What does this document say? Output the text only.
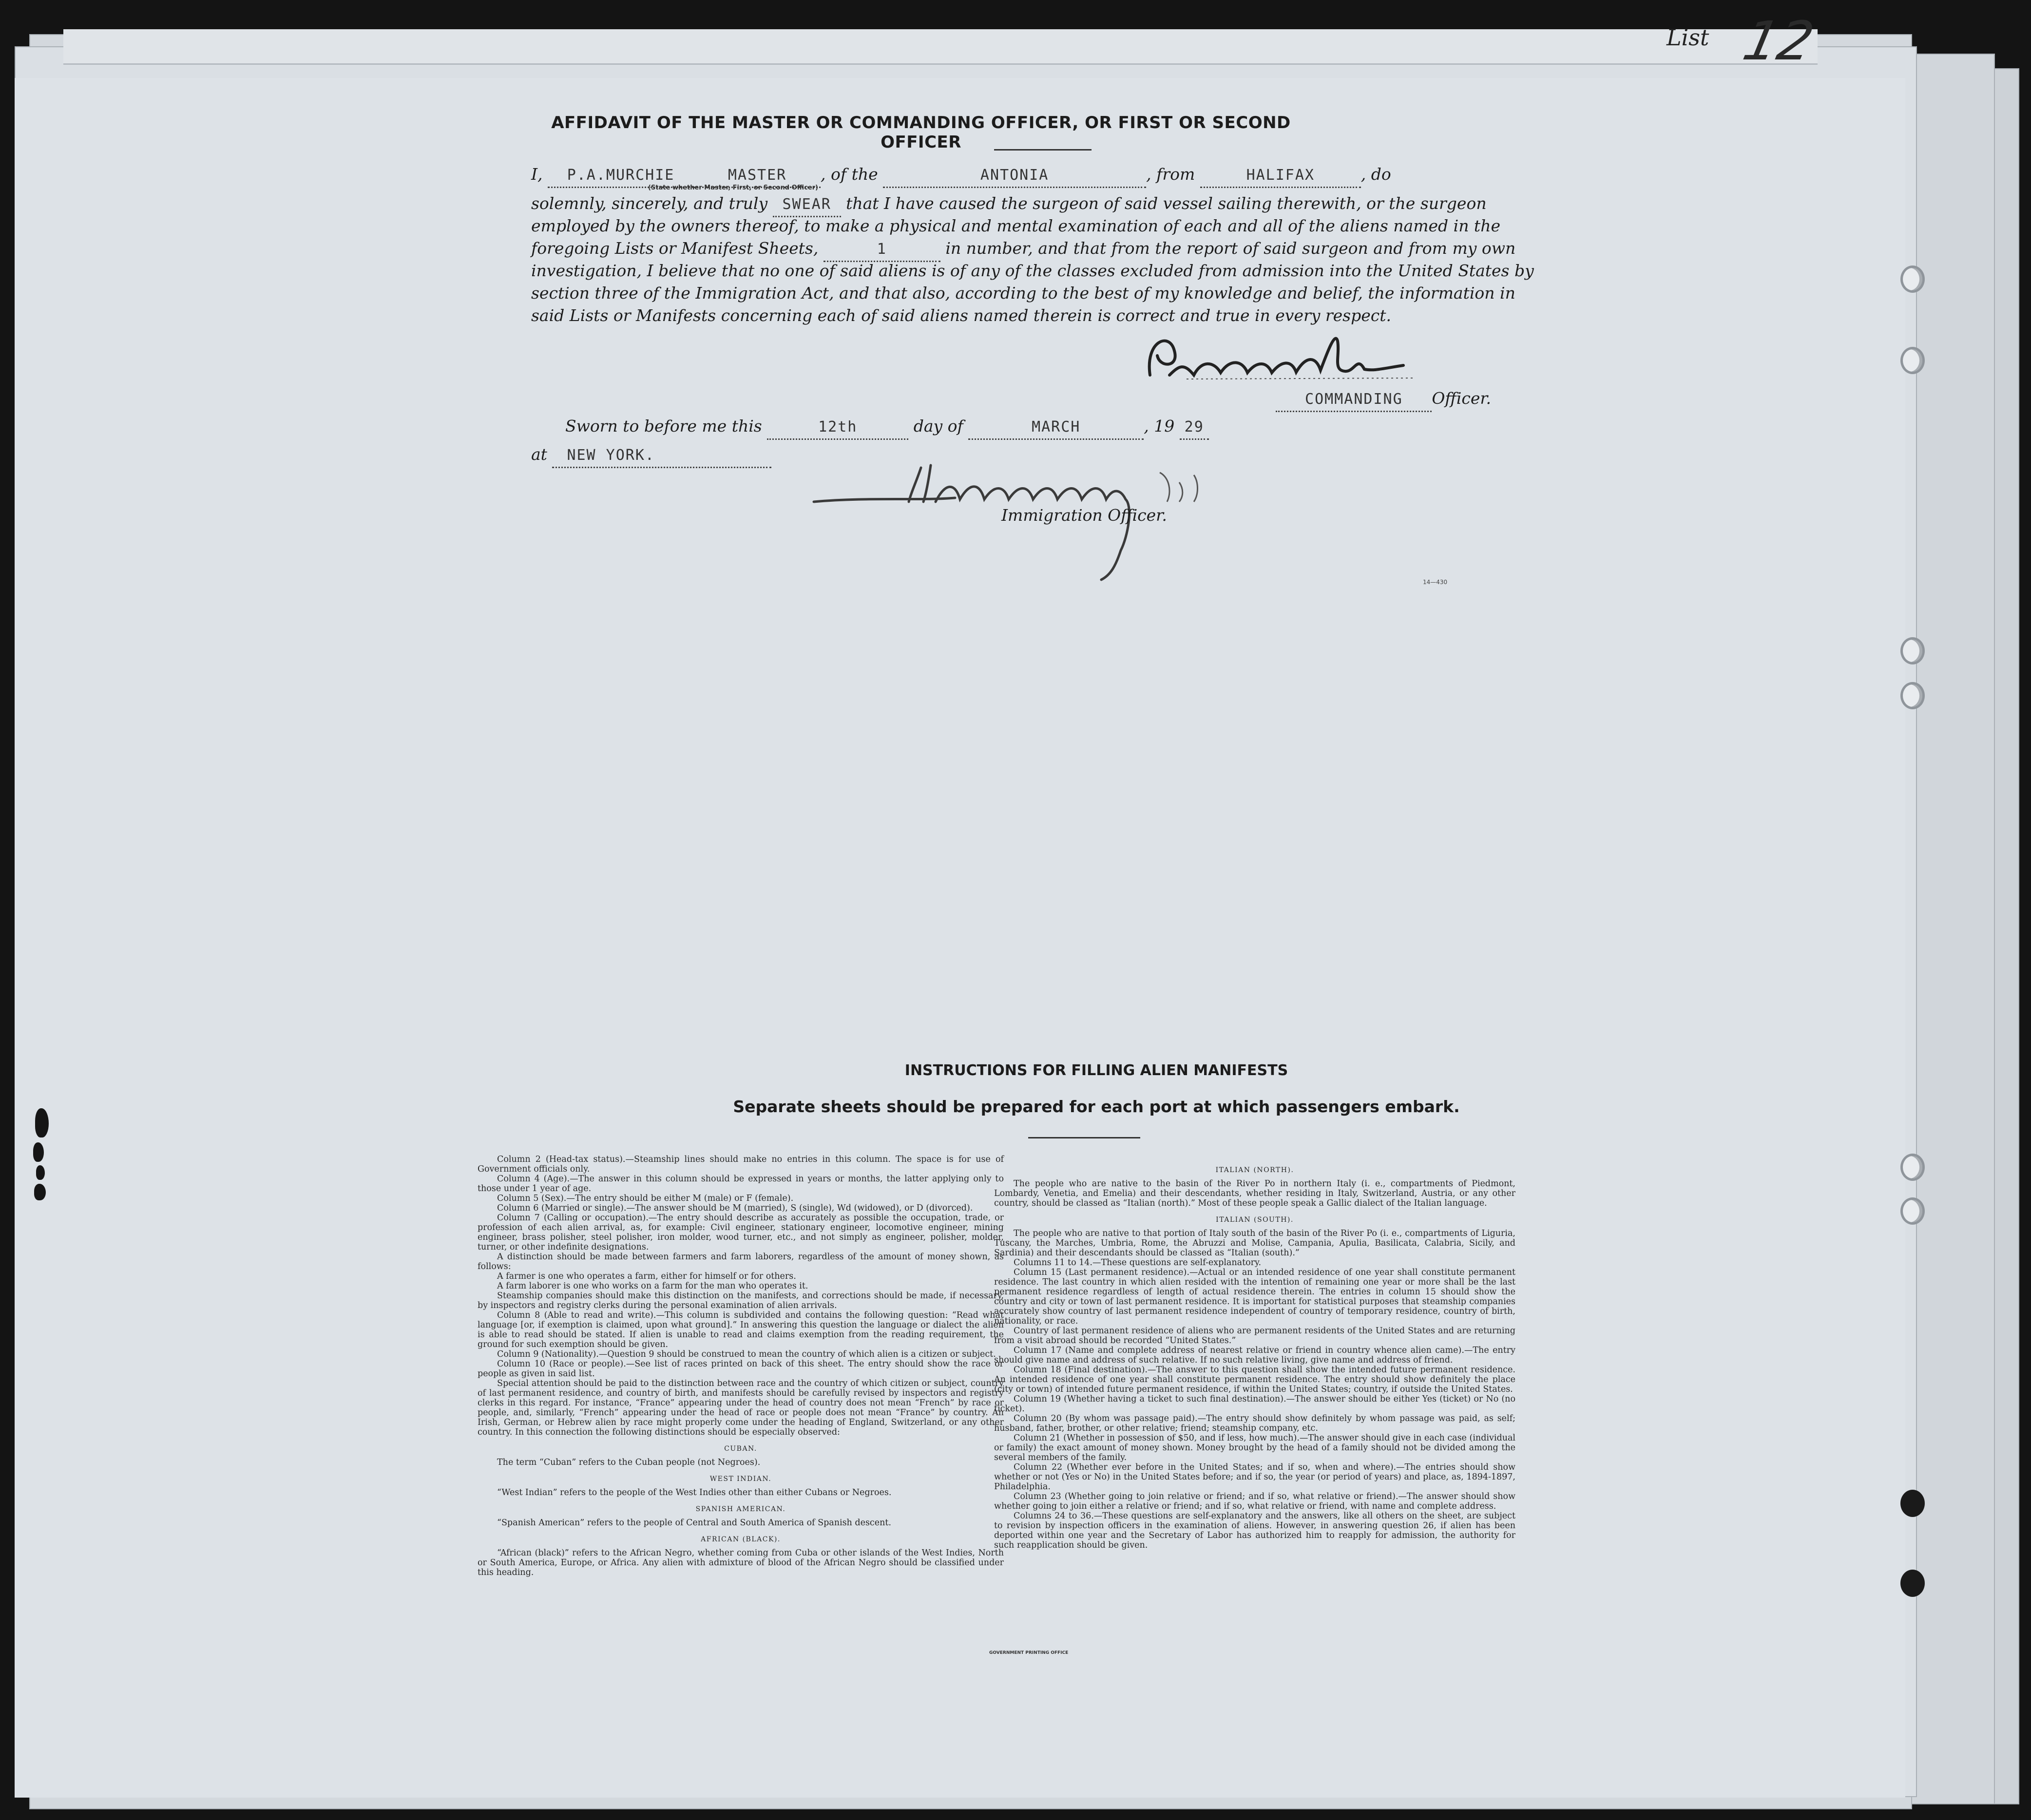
List 12
AFFIDAVIT OF THE MASTER OR COMMANDING OFFICER, OR FIRST OR SECOND OFFICER
I, P.A.MURCHIE	MASTER , of the	ANTONIA	, from	HALIFAX	, do
(State whether Master, First, or Second Officer)
solemnly, sincerely, and truly SWEAR that I have caused the surgeon of said vessel sailing therewith, or the surgeon
employed by the owners thereof, to make a physical and mental examination of each and all of the aliens named in the
foregoing Lists or Manifest Sheets,	1	in number, and that from the report of said surgeon and from my own
investigation, I believe that no one of said aliens is of any of the classes excluded from admission into the United States by
section three of the Immigration Act, and that also, according to the best of my knowledge and belief, the information in
said Lists or Manifests concerning each of said aliens named therein is correct and true in every respect.
COMMANDING Officer.
Sworn to before me this	12th	day of	MARCH	, 19 29
at NEW YORK.
Immigration Officer.
14—430
INSTRUCTIONS FOR FILLING ALIEN MANIFESTS
Separate sheets should be prepared for each port at which passengers embark.

Column 2 (Head-tax status).—Steamship lines should make no entries in this column. The space is for use of Government officials only.

Column 4 (Age).—The answer in this column should be expressed in years or months, the latter applying only to those under 1 year of age.

Column 5 (Sex).—The entry should be either M (male) or F (female).

Column 6 (Married or single).—The answer should be M (married), S (single), Wd (widowed), or D (divorced).

Column 7 (Calling or occupation).—The entry should describe as accurately as possible the occupation, trade, or profession of each alien arrival, as, for example: Civil engineer, stationary engineer, locomotive engineer, mining engineer, brass polisher, steel polisher, iron molder, wood turner, etc., and not simply as engineer, polisher, molder, turner, or other indefinite designations.

A distinction should be made between farmers and farm laborers, regardless of the amount of money shown, as follows:

A farmer is one who operates a farm, either for himself or for others.

A farm laborer is one who works on a farm for the man who operates it.

Steamship companies should make this distinction on the manifests, and corrections should be made, if necessary, by inspectors and registry clerks during the personal examination of alien arrivals.

Column 8 (Able to read and write).—This column is subdivided and contains the following question: “Read what language [or, if exemption is claimed, upon what ground].” In answering this question the language or dialect the alien is able to read should be stated. If alien is unable to read and claims exemption from the reading requirement, the ground for such exemption should be given.

Column 9 (Nationality).—Question 9 should be construed to mean the country of which alien is a citizen or subject.

Column 10 (Race or people).—See list of races printed on back of this sheet. The entry should show the race or people as given in said list.

Special attention should be paid to the distinction between race and the country of which citizen or subject, country of last permanent residence, and country of birth, and manifests should be carefully revised by inspectors and registry clerks in this regard. For instance, “France” appearing under the head of country does not mean “French” by race or people, and, similarly, “French” appearing under the head of race or people does not mean “France” by country. An Irish, German, or Hebrew alien by race might properly come under the heading of England, Switzerland, or any other country. In this connection the following distinctions should be especially observed:

CUBAN.

The term “Cuban” refers to the Cuban people (not Negroes).

WEST INDIAN.

“West Indian” refers to the people of the West Indies other than either Cubans or Negroes.

SPANISH AMERICAN.

“Spanish American” refers to the people of Central and South America of Spanish descent.

AFRICAN (BLACK).

“African (black)” refers to the African Negro, whether coming from Cuba or other islands of the West Indies, North or South America, Europe, or Africa. Any alien with admixture of blood of the African Negro should be classified under this heading.

ITALIAN (NORTH).

The people who are native to the basin of the River Po in northern Italy (i. e., compartments of Piedmont, Lombardy, Venetia, and Emelia) and their descendants, whether residing in Italy, Switzerland, Austria, or any other country, should be classed as “Italian (north).” Most of these people speak a Gallic dialect of the Italian language.

ITALIAN (SOUTH).

The people who are native to that portion of Italy south of the basin of the River Po (i. e., compartments of Liguria, Tuscany, the Marches, Umbria, Rome, the Abruzzi and Molise, Campania, Apulia, Basilicata, Calabria, Sicily, and Sardinia) and their descendants should be classed as “Italian (south).”

Columns 11 to 14.—These questions are self-explanatory.

Column 15 (Last permanent residence).—Actual or an intended residence of one year shall constitute permanent residence. The last country in which alien resided with the intention of remaining one year or more shall be the last permanent residence regardless of length of actual residence therein. The entries in column 15 should show the country and city or town of last permanent residence. It is important for statistical purposes that steamship companies accurately show country of last permanent residence independent of country of temporary residence, country of birth, nationality, or race.

Country of last permanent residence of aliens who are permanent residents of the United States and are returning from a visit abroad should be recorded “United States.”

Column 17 (Name and complete address of nearest relative or friend in country whence alien came).—The entry should give name and address of such relative. If no such relative living, give name and address of friend.

Column 18 (Final destination).—The answer to this question shall show the intended future permanent residence. An intended residence of one year shall constitute permanent residence. The entry should show definitely the place (city or town) of intended future permanent residence, if within the United States; country, if outside the United States.

Column 19 (Whether having a ticket to such final destination).—The answer should be either Yes (ticket) or No (no ticket).

Column 20 (By whom was passage paid).—The entry should show definitely by whom passage was paid, as self; husband, father, brother, or other relative; friend; steamship company, etc.

Column 21 (Whether in possession of $50, and if less, how much).—The answer should give in each case (individual or family) the exact amount of money shown. Money brought by the head of a family should not be divided among the several members of the family.

Column 22 (Whether ever before in the United States; and if so, when and where).—The entries should show whether or not (Yes or No) in the United States before; and if so, the year (or period of years) and place, as, 1894-1897, Philadelphia.

Column 23 (Whether going to join relative or friend; and if so, what relative or friend).—The answer should show whether going to join either a relative or friend; and if so, what relative or friend, with name and complete address.

Columns 24 to 36.—These questions are self-explanatory and the answers, like all others on the sheet, are subject to revision by inspection officers in the examination of aliens. However, in answering question 26, if alien has been deported within one year and the Secretary of Labor has authorized him to reapply for admission, the authority for such reapplication should be given.

GOVERNMENT PRINTING OFFICE
